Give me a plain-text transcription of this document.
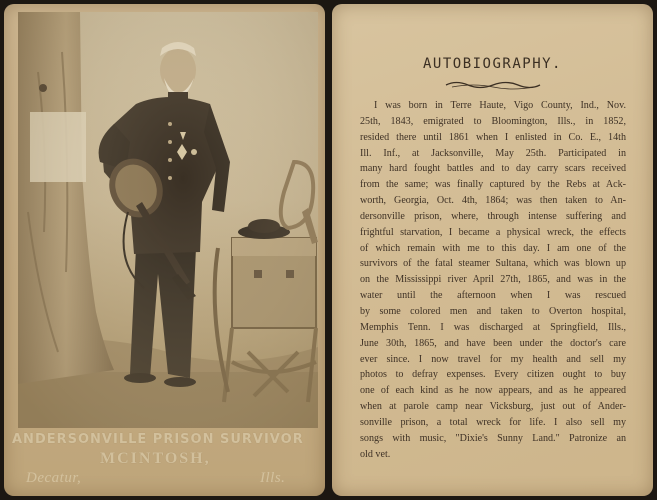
ANDERSONVILLE PRISON SURVIVOR
MCINTOSH,
Decatur,	Ills.
AUTOBIOGRAPHY.
I was born in Terre Haute, Vigo County, Ind., Nov.
25th, 1843, emigrated to Bloomington, Ills., in 1852,
resided there until 1861 when I enlisted in Co. E., 14th
Ill. Inf., at Jacksonville, May 25th. Participated in
many hard fought battles and to day carry scars received
from the same; was finally captured by the Rebs at Ack-
worth, Georgia, Oct. 4th, 1864; was then taken to An-
dersonville prison, where, through intense suffering and
frightful starvation, I became a physical wreck, the effects
of which remain with me to this day. I am one of the
survivors of the fatal steamer Sultana, which was blown up
on the Mississippi river April 27th, 1865, and was in the
water until the afternoon when I was rescued
by some colored men and taken to Overton hospital,
Memphis Tenn. I was discharged at Springfield, Ills.,
June 30th, 1865, and have been under the doctor's care
ever since. I now travel for my health and sell my
photos to defray expenses. Every citizen ought to buy
one of each kind as he now appears, and as he appeared
when at parole camp near Vicksburg, just out of Ander-
sonville prison, a total wreck for life. I also sell my
songs with music, "Dixie's Sunny Land." Patronize an
old vet.
